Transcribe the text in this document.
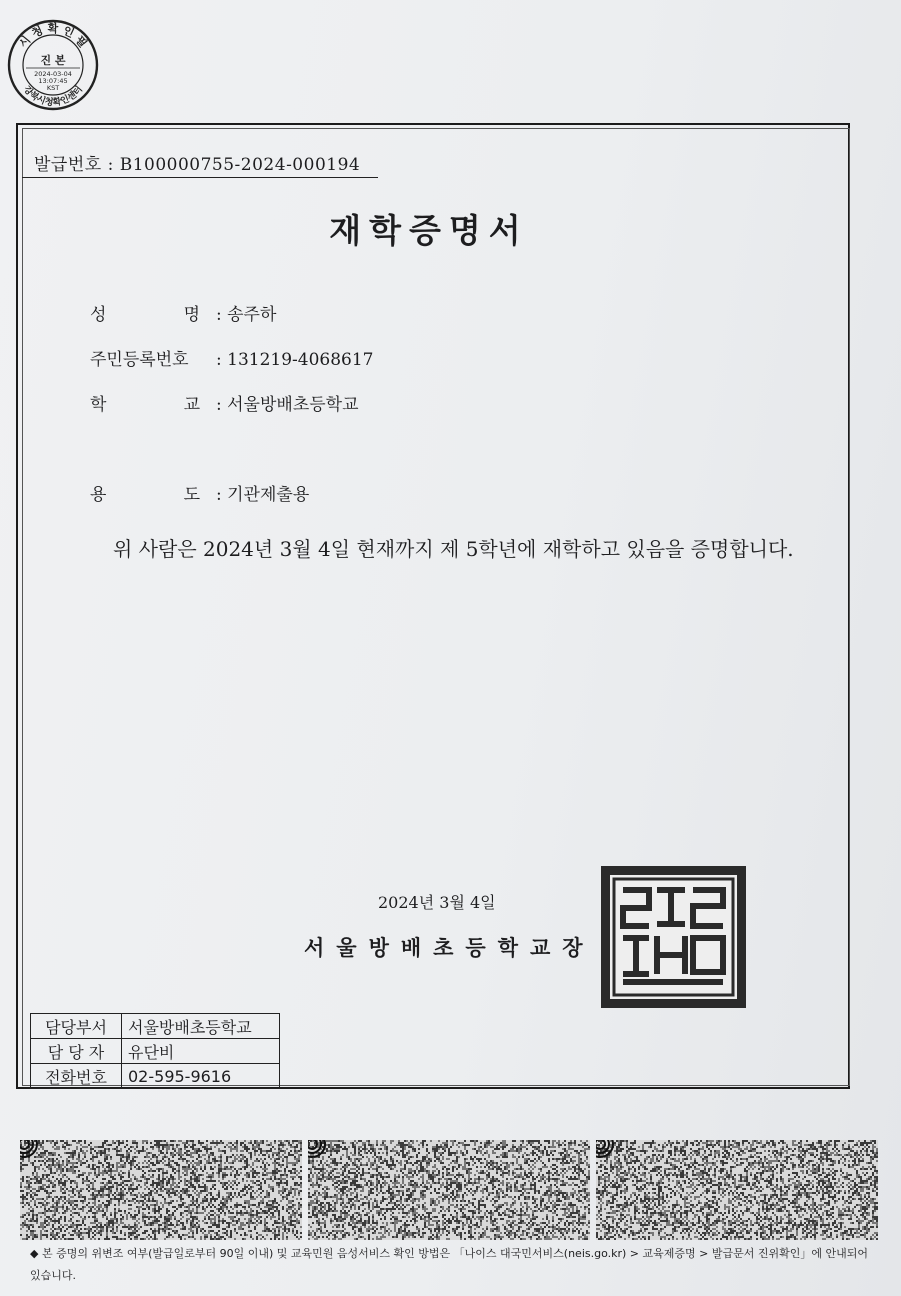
시 청 확 인 필
강북시청확인센터
진 본
2024-03-04
13:07:45
KST
발급번호 : B100000755-2024-000194
재학증명서
성	명 : 송주하
주민등록번호 : 131219-4068617
학	교 : 서울방배초등학교
용	도 : 기관제출용
위 사람은 2024년 3월 4일 현재까지 제 5학년에 재학하고 있음을 증명합니다.
2024년 3월 4일
서울방배초등학교장
담당부서	서울방배초등학교
담 당 자	유단비
전화번호	02-595-9616
◆ 본 증명의 위변조 여부(발급일로부터 90일 이내) 및 교육민원 음성서비스 확인 방법은 「나이스 대국민서비스(neis.go.kr) > 교육제증명 > 발급문서 진위확인」에 안내되어 있습니다.
